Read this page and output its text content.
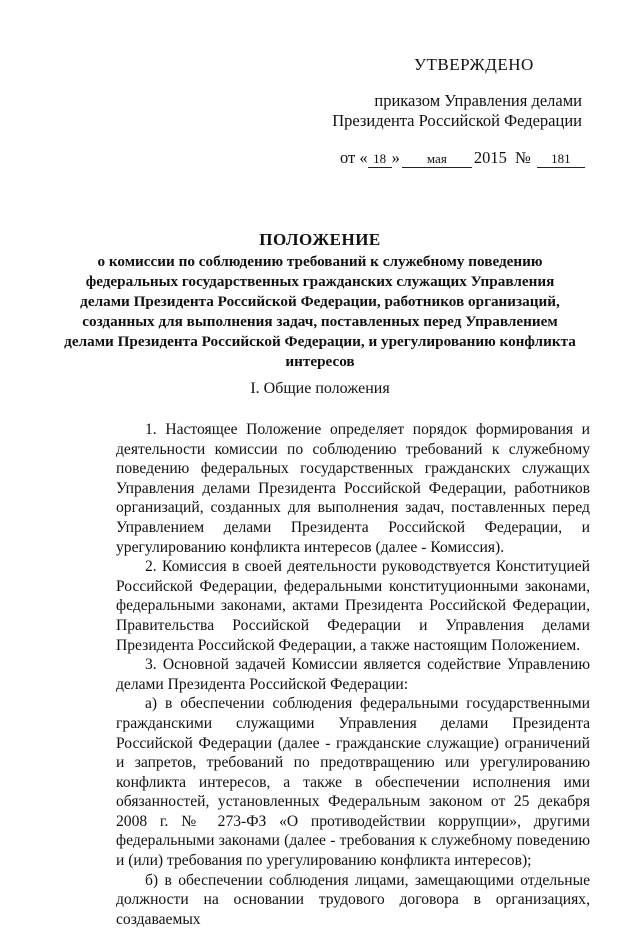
УТВЕРЖДЕНО
приказом Управления делами
Президента Российской Федерации
от « 18 » мая 2015 № 181
ПОЛОЖЕНИЕ
о комиссии по соблюдению требований к служебному поведению федеральных государственных гражданских служащих Управления делами Президента Российской Федерации, работников организаций, созданных для выполнения задач, поставленных перед Управлением делами Президента Российской Федерации, и урегулированию конфликта интересов
I. Общие положения

1. Настоящее Положение определяет порядок формирования и деятельности комиссии по соблюдению требований к служебному поведению федеральных государственных гражданских служащих Управления делами Президента Российской Федерации, работников организаций, созданных для выполнения задач, поставленных перед Управлением делами Президента Российской Федерации, и урегулированию конфликта интересов (далее - Комиссия).

2. Комиссия в своей деятельности руководствуется Конституцией Российской Федерации, федеральными конституционными законами, федеральными законами, актами Президента Российской Федерации, Правительства Российской Федерации и Управления делами Президента Российской Федерации, а также настоящим Положением.

3. Основной задачей Комиссии является содействие Управлению делами Президента Российской Федерации:

а) в обеспечении соблюдения федеральными государственными гражданскими служащими Управления делами Президента Российской Федерации (далее - гражданские служащие) ограничений и запретов, требований по предотвращению или урегулированию конфликта интересов, а также в обеспечении исполнения ими обязанностей, установленных Федеральным законом от 25 декабря 2008 г. № 273-ФЗ «О противодействии коррупции», другими федеральными законами (далее - требования к служебному поведению и (или) требования по урегулированию конфликта интересов);

б) в обеспечении соблюдения лицами, замещающими отдельные должности на основании трудового договора в организациях, создаваемых
